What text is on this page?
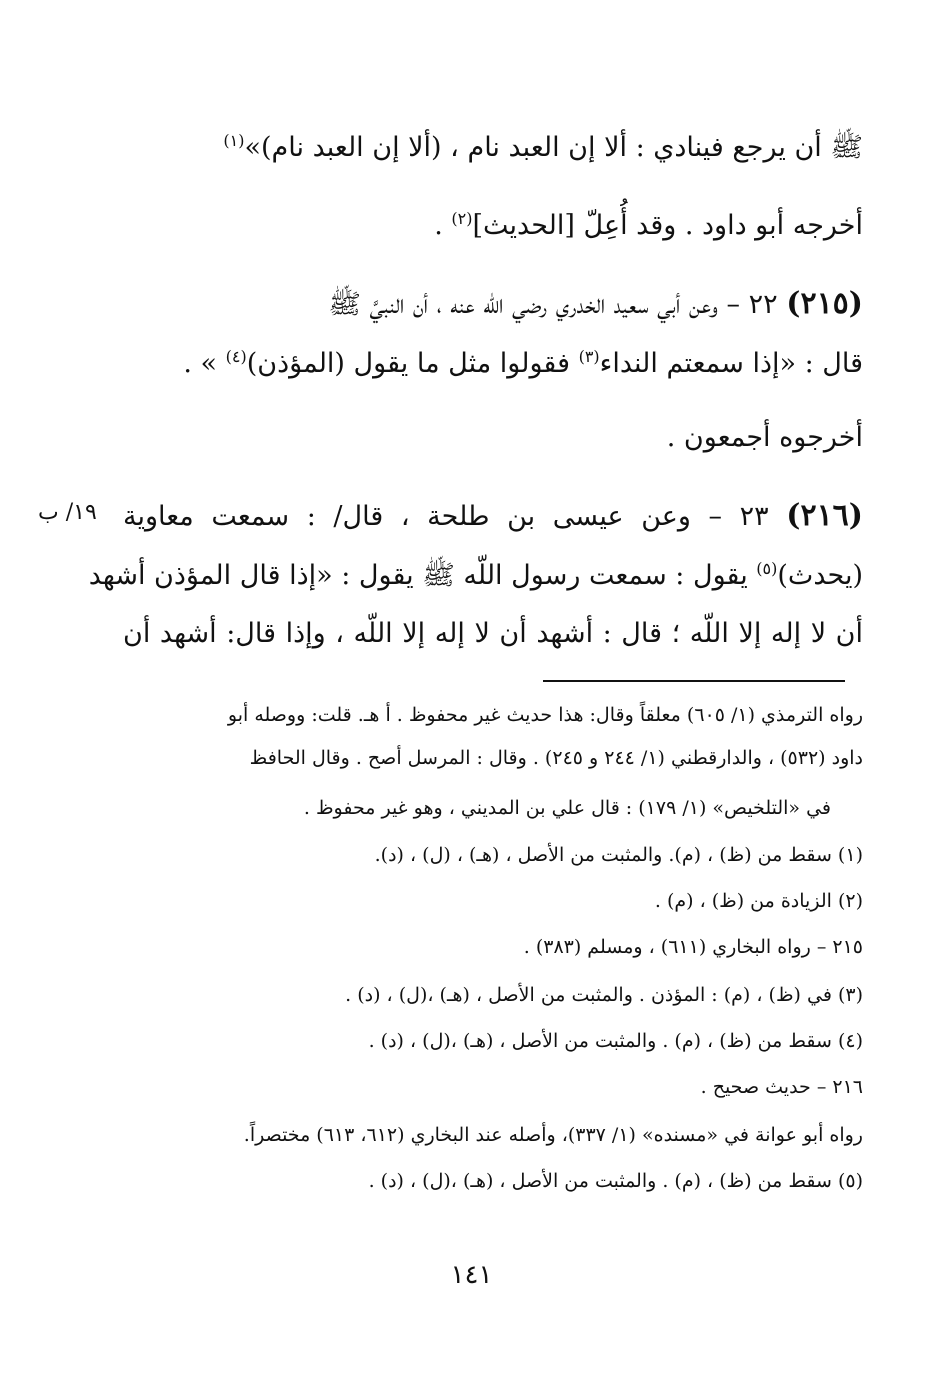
ﷺ أن يرجع فينادي : ألا إن العبد نام ، (ألا إن العبد نام)»$^{(١)}$
أخرجه أبو داود . وقد أُعِلّ [الحديث]$^{(٢)}$ .
(٢١٥) ٢٢ – وعن أبي سعيد الخدري رضي اللّه عنه ، أن النبيَّ ﷺ
قال : «إذا سمعتم النداء$^{(٣)}$ فقولوا مثل ما يقول (المؤذن)$^{(٤)}$ » .
أخرجوه أجمعون .
(٢١٦) ٢٣ – وعن عيسى بن طلحة ، قال/ : سمعت معاوية
(يحدث)$^{(٥)}$ يقول : سمعت رسول اللّه ﷺ يقول : «إذا قال المؤذن أشهد
أن لا إله إلا اللّه ؛ قال : أشهد أن لا إله إلا اللّه ، وإذا قال: أشهد أن
١٩/ ب
رواه الترمذي (١/ ٦٠٥) معلقاً وقال: هذا حديث غير محفوظ . أ هـ. قلت: ووصله أبو
داود (٥٣٢) ، والدارقطني (١/ ٢٤٤ و ٢٤٥) . وقال : المرسل أصح . وقال الحافظ
في «التلخيص» (١/ ١٧٩) : قال علي بن المديني ، وهو غير محفوظ .
(١) سقط من (ظ) ، (م). والمثبت من الأصل ، (هـ) ، (ل) ، (د).
(٢) الزيادة من (ظ) ، (م) .
٢١٥ – رواه البخاري (٦١١) ، ومسلم (٣٨٣) .
(٣) في (ظ) ، (م) : المؤذن . والمثبت من الأصل ، (هـ) ،(ل) ، (د) .
(٤) سقط من (ظ) ، (م) . والمثبت من الأصل ، (هـ) ،(ل) ، (د) .
٢١٦ – حديث صحيح .
رواه أبو عوانة في «مسنده» (١/ ٣٣٧)، وأصله عند البخاري (٦١٢، ٦١٣) مختصراً.
(٥) سقط من (ظ) ، (م) . والمثبت من الأصل ، (هـ) ،(ل) ، (د) .
١٤١
